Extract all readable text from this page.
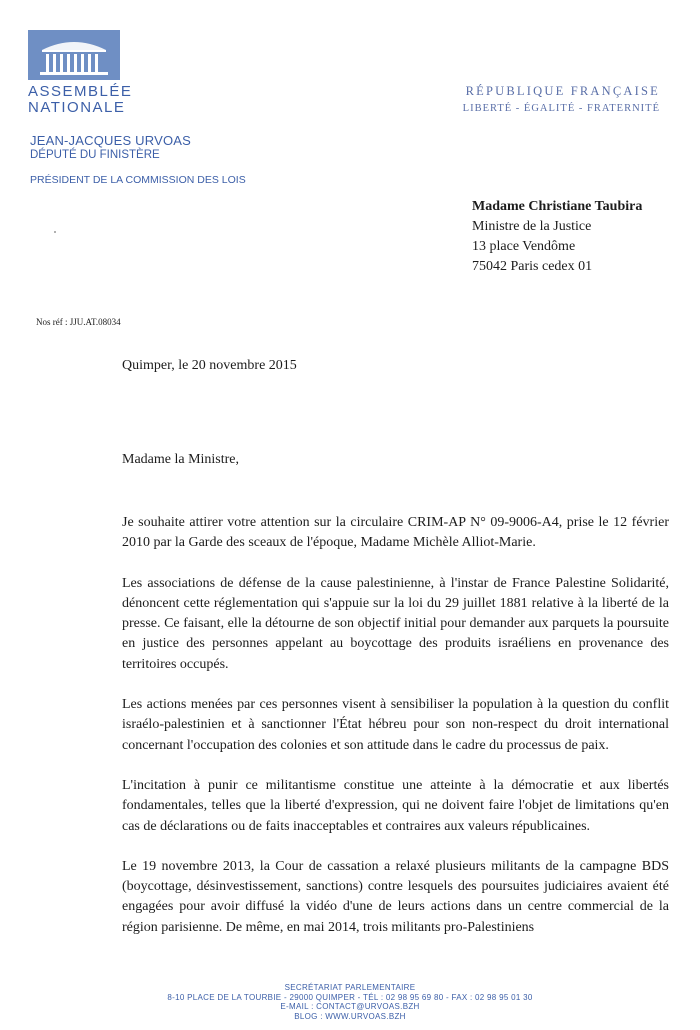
ASSEMBLÉE
NATIONALE
RÉPUBLIQUE FRANÇAISE
LIBERTÉ - ÉGALITÉ - FRATERNITÉ
JEAN-JACQUES URVOAS
DÉPUTÉ DU FINISTÈRE
PRÉSIDENT DE LA COMMISSION DES LOIS
Madame Christiane Taubira
Ministre de la Justice
13 place Vendôme
75042 Paris cedex 01
Nos réf : JJU.AT.08034
Quimper, le 20 novembre 2015
Madame la Ministre,

Je souhaite attirer votre attention sur la circulaire CRIM-AP N° 09-9006-A4, prise le 12 février 2010 par la Garde des sceaux de l'époque, Madame Michèle Alliot-Marie.

Les associations de défense de la cause palestinienne, à l'instar de France Palestine Solidarité, dénoncent cette réglementation qui s'appuie sur la loi du 29 juillet 1881 relative à la liberté de la presse. Ce faisant, elle la détourne de son objectif initial pour demander aux parquets la poursuite en justice des personnes appelant au boycottage des produits israéliens en provenance des territoires occupés.

Les actions menées par ces personnes visent à sensibiliser la population à la question du conflit israélo-palestinien et à sanctionner l'État hébreu pour son non-respect du droit international concernant l'occupation des colonies et son attitude dans le cadre du processus de paix.

L'incitation à punir ce militantisme constitue une atteinte à la démocratie et aux libertés fondamentales, telles que la liberté d'expression, qui ne doivent faire l'objet de limitations qu'en cas de déclarations ou de faits inacceptables et contraires aux valeurs républicaines.

Le 19 novembre 2013, la Cour de cassation a relaxé plusieurs militants de la campagne BDS (boycottage, désinvestissement, sanctions) contre lesquels des poursuites judiciaires avaient été engagées pour avoir diffusé la vidéo d'une de leurs actions dans un centre commercial de la région parisienne. De même, en mai 2014, trois militants pro-Palestiniens

SECRÉTARIAT PARLEMENTAIRE
8-10 PLACE DE LA TOURBIE - 29000 QUIMPER - TÉL : 02 98 95 69 80 - FAX : 02 98 95 01 30
E-MAIL : CONTACT@URVOAS.BZH
BLOG : WWW.URVOAS.BZH
